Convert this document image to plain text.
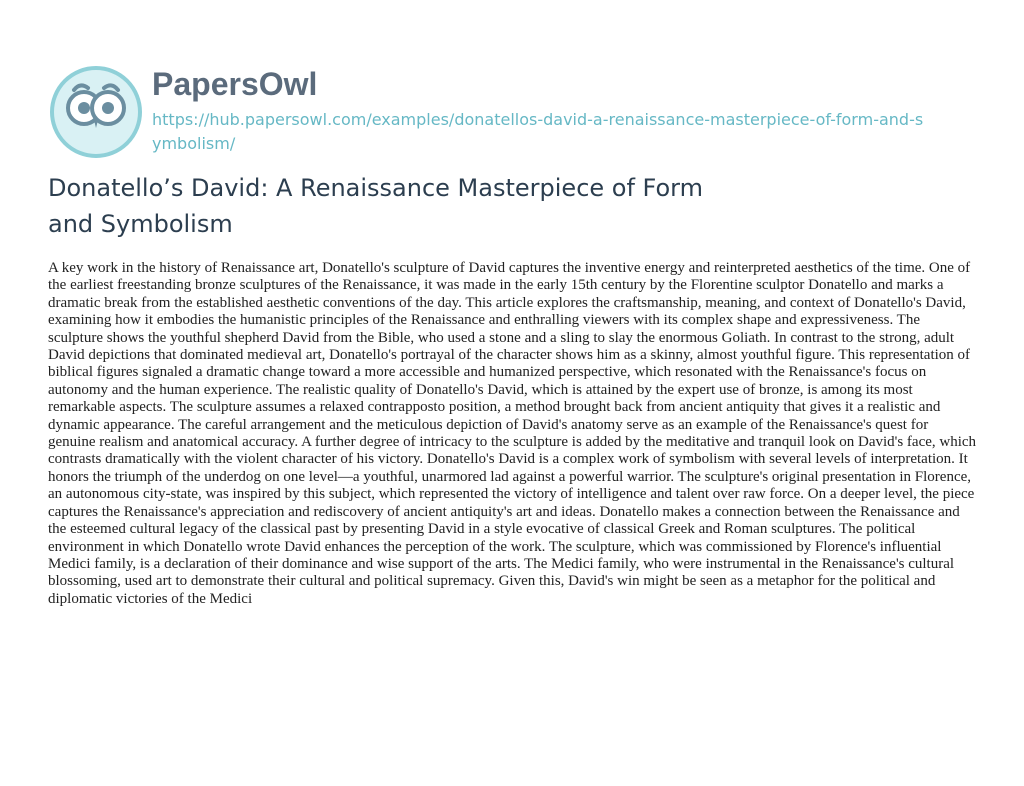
PapersOwl
https://hub.papersowl.com/examples/donatellos-david-a-renaissance-masterpiece-of-form-and-symbolism/
Donatello’s David: A Renaissance Masterpiece of Form and Symbolism

A key work in the history of Renaissance art, Donatello's sculpture of David captures the inventive energy and reinterpreted aesthetics of the time. One of the earliest freestanding bronze sculptures of the Renaissance, it was made in the early 15th century by the Florentine sculptor Donatello and marks a dramatic break from the established aesthetic conventions of the day. This article explores the craftsmanship, meaning, and context of Donatello's David, examining how it embodies the humanistic principles of the Renaissance and enthralling viewers with its complex shape and expressiveness. The sculpture shows the youthful shepherd David from the Bible, who used a stone and a sling to slay the enormous Goliath. In contrast to the strong, adult David depictions that dominated medieval art, Donatello's portrayal of the character shows him as a skinny, almost youthful figure. This representation of biblical figures signaled a dramatic change toward a more accessible and humanized perspective, which resonated with the Renaissance's focus on autonomy and the human experience. The realistic quality of Donatello's David, which is attained by the expert use of bronze, is among its most remarkable aspects. The sculpture assumes a relaxed contrapposto position, a method brought back from ancient antiquity that gives it a realistic and dynamic appearance. The careful arrangement and the meticulous depiction of David's anatomy serve as an example of the Renaissance's quest for genuine realism and anatomical accuracy. A further degree of intricacy to the sculpture is added by the meditative and tranquil look on David's face, which contrasts dramatically with the violent character of his victory. Donatello's David is a complex work of symbolism with several levels of interpretation. It honors the triumph of the underdog on one level—a youthful, unarmored lad against a powerful warrior. The sculpture's original presentation in Florence, an autonomous city-state, was inspired by this subject, which represented the victory of intelligence and talent over raw force. On a deeper level, the piece captures the Renaissance's appreciation and rediscovery of ancient antiquity's art and ideas. Donatello makes a connection between the Renaissance and the esteemed cultural legacy of the classical past by presenting David in a style evocative of classical Greek and Roman sculptures. The political environment in which Donatello wrote David enhances the perception of the work. The sculpture, which was commissioned by Florence's influential Medici family, is a declaration of their dominance and wise support of the arts. The Medici family, who were instrumental in the Renaissance's cultural blossoming, used art to demonstrate their cultural and political supremacy. Given this, David's win might be seen as a metaphor for the political and diplomatic victories of the Medici
